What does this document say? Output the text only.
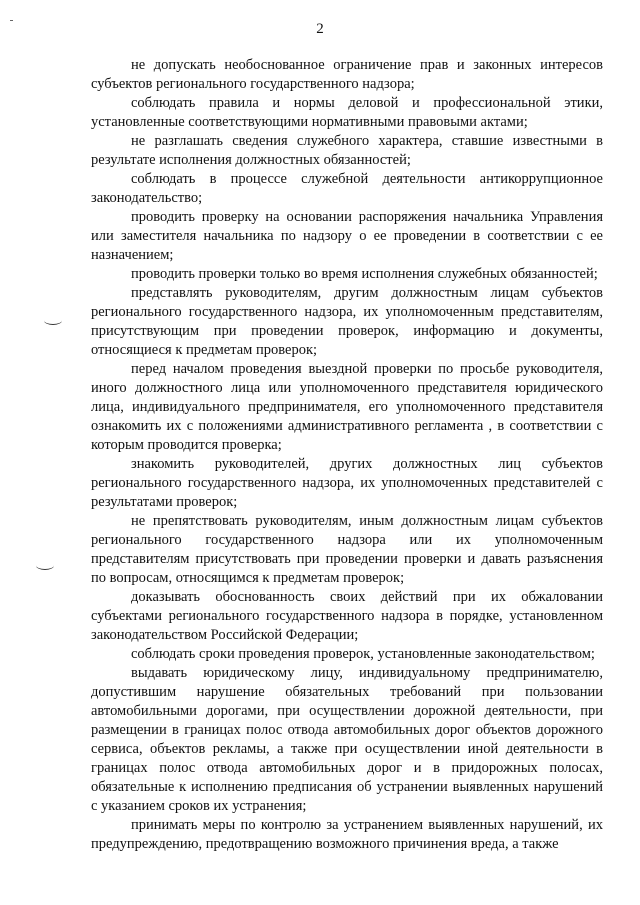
2

не допускать необоснованное ограничение прав и законных интересов субъектов регионального государственного надзора;

соблюдать правила и нормы деловой и профессиональной этики, установленные соответствующими нормативными правовыми актами;

не разглашать сведения служебного характера, ставшие известными в результате исполнения должностных обязанностей;

соблюдать в процессе служебной деятельности антикоррупционное законодательство;

проводить проверку на основании распоряжения начальника Управления или заместителя начальника по надзору о ее проведении в соответствии с ее назначением;

проводить проверки только во время исполнения служебных обязанностей;

представлять руководителям, другим должностным лицам субъектов регионального государственного надзора, их уполномоченным представителям, присутствующим при проведении проверок, информацию и документы, относящиеся к предметам проверок;

перед началом проведения выездной проверки по просьбе руководителя, иного должностного лица или уполномоченного представителя юридического лица, индивидуального предпринимателя, его уполномоченного представителя ознакомить их с положениями административного регламента , в соответствии с которым проводится проверка;

знакомить руководителей, других должностных лиц субъектов регионального государственного надзора, их уполномоченных представителей с результатами проверок;

не препятствовать руководителям, иным должностным лицам субъектов регионального государственного надзора или их уполномоченным представителям присутствовать при проведении проверки и давать разъяснения по вопросам, относящимся к предметам проверок;

доказывать обоснованность своих действий при их обжаловании субъектами регионального государственного надзора в порядке, установленном законодательством Российской Федерации;

соблюдать сроки проведения проверок, установленные законодательством;

выдавать юридическому лицу, индивидуальному предпринимателю, допустившим нарушение обязательных требований при пользовании автомобильными дорогами, при осуществлении дорожной деятельности, при размещении в границах полос отвода автомобильных дорог объектов дорожного сервиса, объектов рекламы, а также при осуществлении иной деятельности в границах полос отвода автомобильных дорог и в придорожных полосах, обязательные к исполнению предписания об устранении выявленных нарушений с указанием сроков их устранения;

принимать меры по контролю за устранением выявленных нарушений, их предупреждению, предотвращению возможного причинения вреда, а также
